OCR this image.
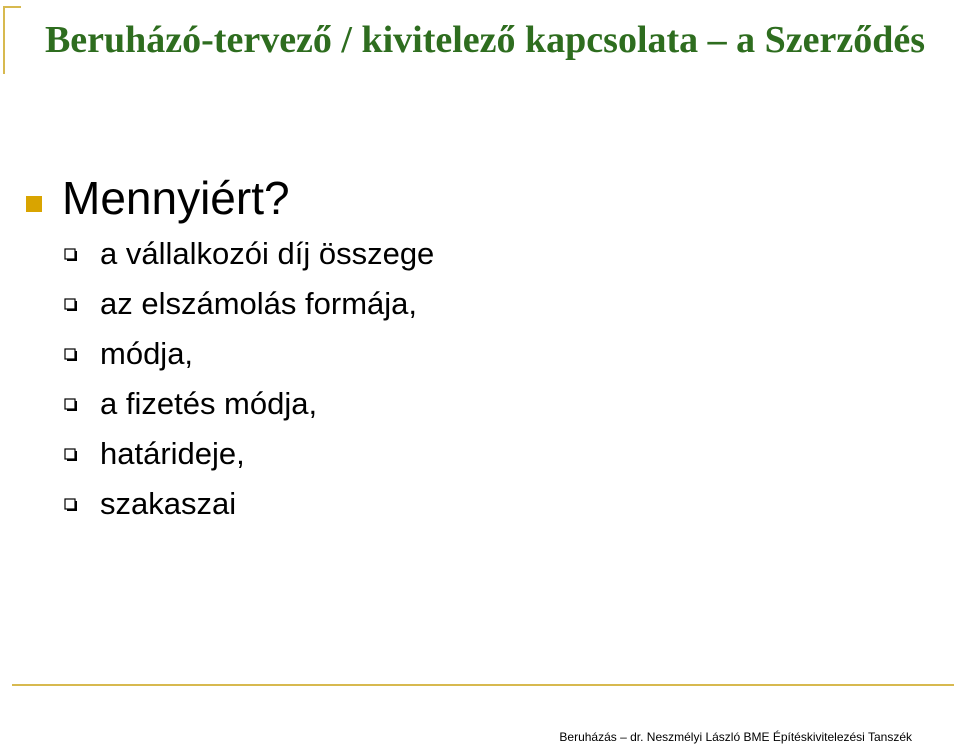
Beruházó-tervező / kivitelező kapcsolata – a Szerződés
Mennyiért?
a vállalkozói díj összege
az elszámolás formája,
módja,
a fizetés módja,
határideje,
szakaszai
Beruházás – dr. Neszmélyi László BME Építéskivitelezési Tanszék
